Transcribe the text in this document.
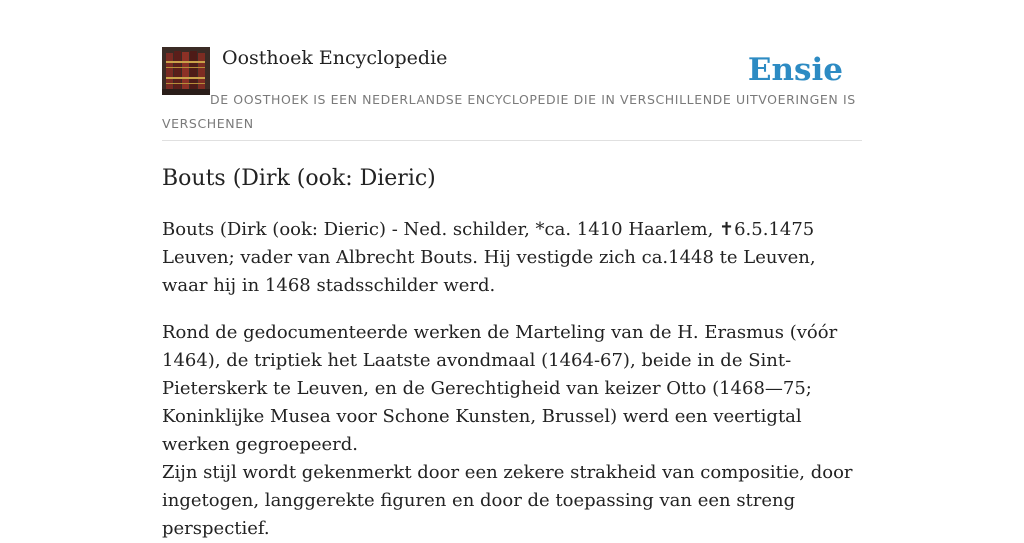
Oosthoek Encyclopedie	Ensie
DE OOSTHOEK IS EEN NEDERLANDSE ENCYCLOPEDIE DIE IN VERSCHILLENDE UITVOERINGEN IS VERSCHENEN
Bouts (Dirk (ook: Dieric)

Bouts (Dirk (ook: Dieric) - Ned. schilder, *ca. 1410 Haarlem, ✝6.5.1475 Leuven; vader van Albrecht Bouts. Hij vestigde zich ca.1448 te Leuven, waar hij in 1468 stadsschilder werd.

Rond de gedocumenteerde werken de Marteling van de H. Erasmus (vóór 1464), de triptiek het Laatste avondmaal (1464-67), beide in de Sint-Pieterskerk te Leuven, en de Gerechtigheid van keizer Otto (1468—75; Koninklijke Musea voor Schone Kunsten, Brussel) werd een veertigtal werken gegroepeerd.

Zijn stijl wordt gekenmerkt door een zekere strakheid van compositie, door ingetogen, langgerekte figuren en door de toepassing van een streng perspectief.
